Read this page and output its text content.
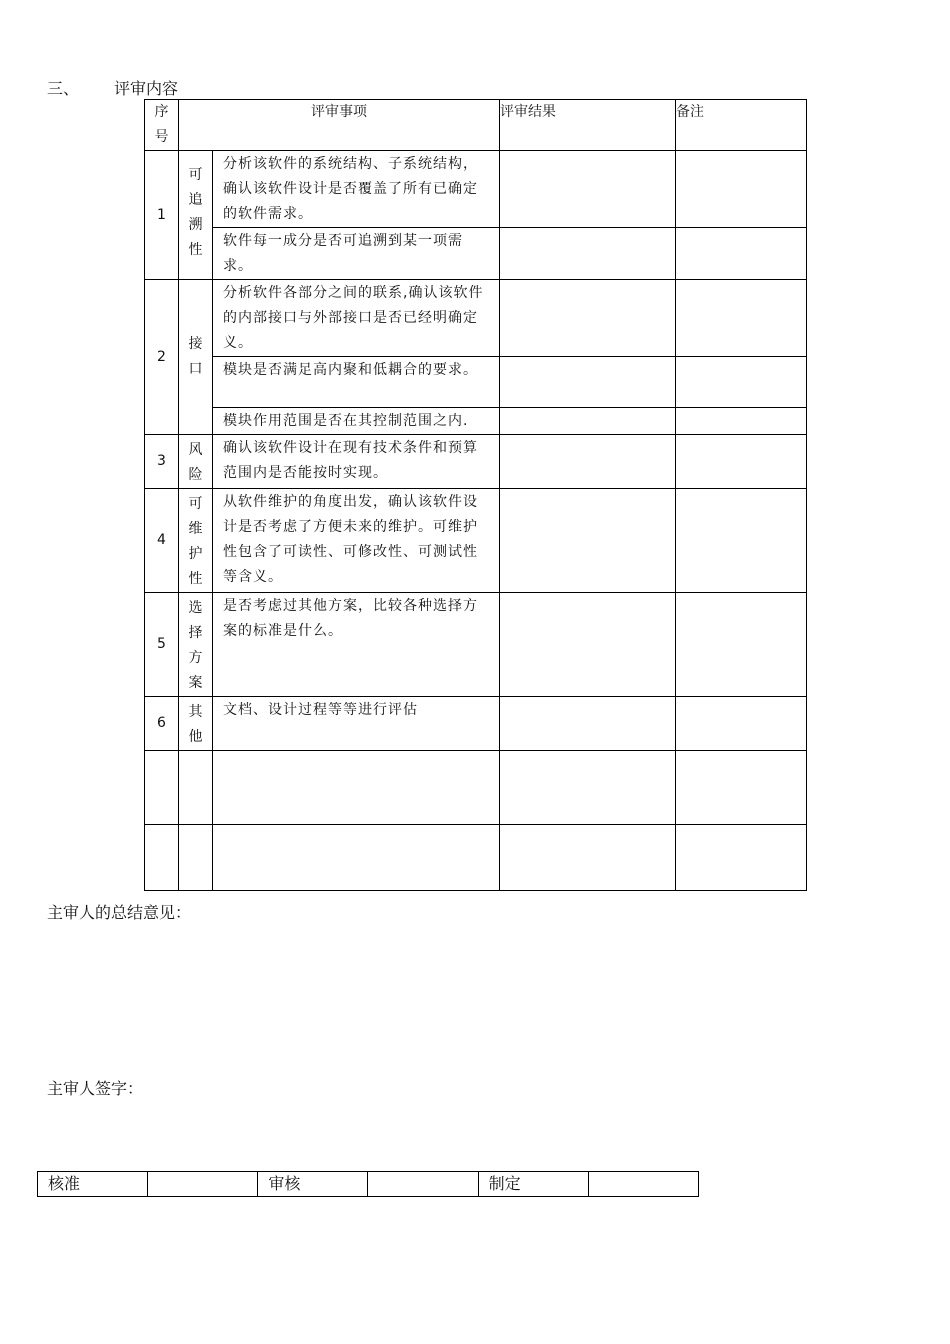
三、 评审内容
序号	评审事项		评审结果	备注
1	可追溯性	分析该软件的系统结构、子系统结构，确认该软件设计是否覆盖了所有已确定的软件需求。		

		软件每一成分是否可追溯到某一项需求。		

2	接口	分析软件各部分之间的联系,确认该软件的内部接口与外部接口是否已经明确定义。		

		模块是否满足高内聚和低耦合的要求。		

		模块作用范围是否在其控制范围之内.		

3	风险	确认该软件设计在现有技术条件和预算范围内是否能按时实现。		

4	可维护性	从软件维护的角度出发，确认该软件设计是否考虑了方便未来的维护。可维护性包含了可读性、可修改性、可测试性等含义。		

5	选择方案	是否考虑过其他方案，比较各种选择方案的标准是什么。		

6	其他	文档、设计过程等等进行评估		

主审人的总结意见：
主审人签字：
核准		审核		制定	
